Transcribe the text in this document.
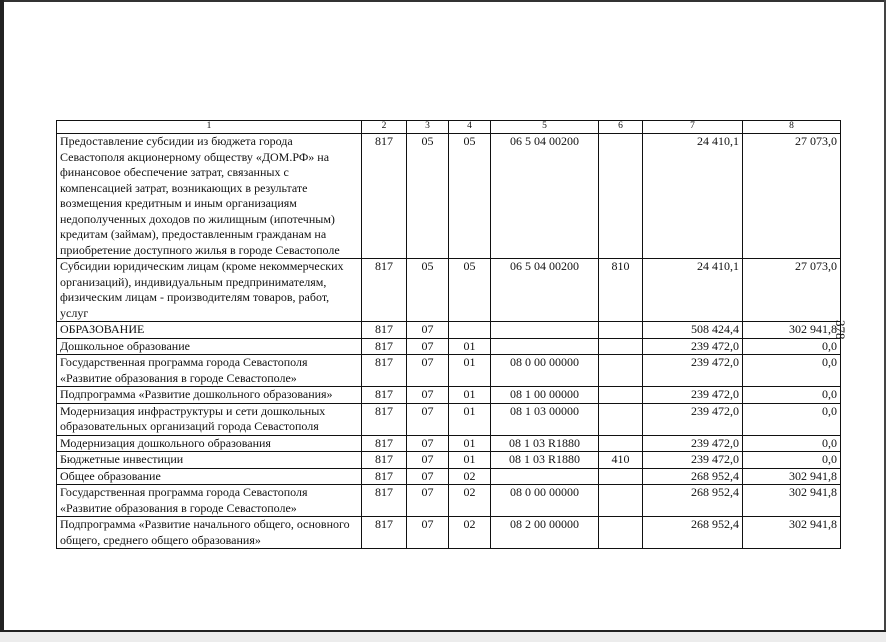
1	2	3	4	5	6	7	8
Предоставление субсидии из бюджета города Севастополя акционерному обществу «ДОМ.РФ» на финансовое обеспечение затрат, связанных с компенсацией затрат, возникающих в результате возмещения кредитным и иным организациям недополученных доходов по жилищным (ипотечным) кредитам (займам), предоставленным гражданам на приобретение доступного жилья в городе Севастополе	817	05	05	06 5 04 00200		24 410,1	27 073,0
Субсидии юридическим лицам (кроме некоммерческих организаций), индивидуальным предпринимателям, физическим лицам - производителям товаров, работ, услуг	817	05	05	06 5 04 00200	810	24 410,1	27 073,0
ОБРАЗОВАНИЕ	817	07				508 424,4	302 941,8
Дошкольное образование	817	07	01			239 472,0	0,0
Государственная программа города Севастополя «Развитие образования в городе Севастополе»	817	07	01	08 0 00 00000		239 472,0	0,0
Подпрограмма «Развитие дошкольного образования»	817	07	01	08 1 00 00000		239 472,0	0,0
Модернизация инфраструктуры и сети дошкольных образовательных организаций города Севастополя	817	07	01	08 1 03 00000		239 472,0	0,0
Модернизация дошкольного образования	817	07	01	08 1 03 R1880		239 472,0	0,0
Бюджетные инвестиции	817	07	01	08 1 03 R1880	410	239 472,0	0,0
Общее образование	817	07	02			268 952,4	302 941,8
Государственная программа города Севастополя «Развитие образования в городе Севастополе»	817	07	02	08 0 00 00000		268 952,4	302 941,8
Подпрограмма «Развитие начального общего, основного общего, среднего общего образования»	817	07	02	08 2 00 00000		268 952,4	302 941,8
378
